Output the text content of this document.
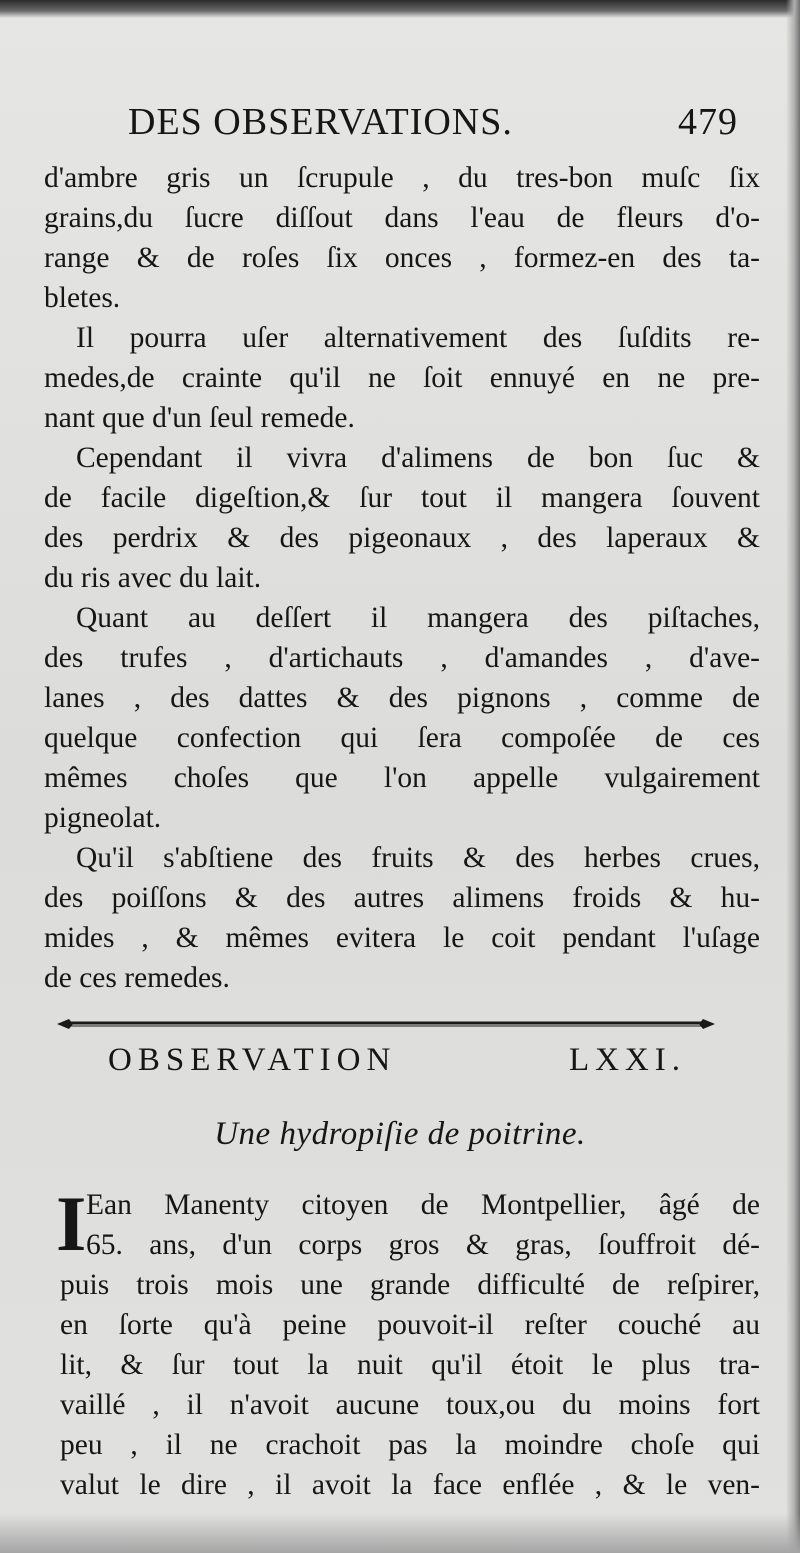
DES OBSERVATIONS.	479
d'ambre gris un ſcrupule , du tres-bon muſc ſix
grains,du ſucre diſſout dans l'eau de fleurs d'o-
range & de roſes ſix onces , formez-en des ta-
bletes.
Il pourra uſer alternativement des ſuſdits re-
medes,de crainte qu'il ne ſoit ennuyé en ne pre-
nant que d'un ſeul remede.
Cependant il vivra d'alimens de bon ſuc &
de facile digeſtion,& ſur tout il mangera ſouvent
des perdrix & des pigeonaux , des laperaux &
du ris avec du lait.
Quant au deſſert il mangera des piſtaches,
des trufes , d'artichauts , d'amandes , d'ave-
lanes , des dattes & des pignons , comme de
quelque confection qui ſera compoſée de ces
mêmes choſes que l'on appelle vulgairement
pigneolat.
Qu'il s'abſtiene des fruits & des herbes crues,
des poiſſons & des autres alimens froids & hu-
mides , & mêmes evitera le coit pendant l'uſage
de ces remedes.
OBSERVATION	LXXI.
Une hydropiſie de poitrine.
I Ean Manenty citoyen de Montpellier, âgé de
65. ans, d'un corps gros & gras, ſouffroit dé-
puis trois mois une grande difficulté de reſpirer,
en ſorte qu'à peine pouvoit-il reſter couché au
lit, & ſur tout la nuit qu'il étoit le plus tra-
vaillé , il n'avoit aucune toux,ou du moins fort
peu , il ne crachoit pas la moindre choſe qui
valut le dire , il avoit la face enflée , & le ven-
